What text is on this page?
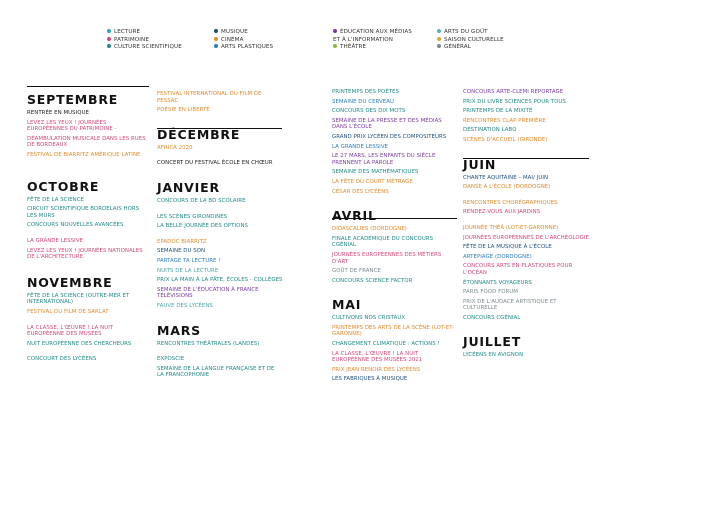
LECTURE
PATRIMOINE
CULTURE SCIENTIFIQUE
MUSIQUE
CINÉMA
ARTS PLASTIQUES
ÉDUCATION AUX MÉDIAS
ET À L'INFORMATION
THÉÂTRE
ARTS DU GOÛT
SAISON CULTURELLE
GÉNÉRAL
SEPTEMBRE
RENTRÉE EN MUSIQUE
LEVEZ LES YEUX ! JOURNÉES EUROPÉENNES DU PATRIMOINE -
DÉAMBULATION MUSICALE DANS LES RUES DE BORDEAUX
FESTIVAL DE BIARRITZ AMÉRIQUE LATINE
OCTOBRE
FÊTE DE LA SCIENCE
CIRCUIT SCIENTIFIQUE BORDELAIS HORS LES MURS
CONCOURS NOUVELLES AVANCÉES
LA GRANDE LESSIVE
LEVEZ LES YEUX ! JOURNÉES NATIONALES DE L'ARCHITECTURE
NOVEMBRE
FÊTE DE LA SCIENCE (OUTRE-MER ET INTERNATIONAL)
FESTIVAL DU FILM DE SARLAT
LA CLASSE, L'ŒUVRE ! LA NUIT EUROPÉENNE DES MUSÉES
NUIT EUROPÉENNE DES CHERCHEURS
CONCOURT DES LYCÉENS
FESTIVAL INTERNATIONAL DU FILM DE PESSAC
POÉSIE EN LIBERTÉ
DÉCEMBRE
AFRICA 2020
CONCERT DU FESTIVAL ÉCOLE EN CHŒUR
JANVIER
CONCOURS DE LA BD SCOLAIRE
LES SCÈNES GIRONDINES
LA BELLE JOURNÉE DES OPTIONS
EPADOC BIARRITZ
SEMAINE DU SON
PARTAGE TA LECTURE !
NUITS DE LA LECTURE
PRIX LA MAIN À LA PÂTE, ÉCOLES - COLLÈGES
SEMAINE DE L'ÉDUCATION À FRANCE TÉLÉVISIONS
FAUVE DES LYCÉENS
MARS
RENCONTRES THÉÂTRALES (LANDES)
EXPOSCIE
SEMAINE DE LA LANGUE FRANÇAISE ET DE LA FRANCOPHONIE
PRINTEMPS DES POÈTES
SEMAINE DU CERVEAU
CONCOURS DES DIX MOTS
SEMAINE DE LA PRESSE ET DES MÉDIAS DANS L'ÉCOLE
GRAND PRIX LYCÉEN DES COMPOSITEURS
LA GRANDE LESSIVE
LE 27 MARS, LES ENFANTS DU SIÈCLE PRENNENT LA PAROLE
SEMAINE DES MATHÉMATIQUES
LA FÊTE DU COURT MÉTRAGE
CÉSAR DES LYCÉENS
AVRIL
DIDASCALIES (DORDOGNE)
FINALE ACADÉMIQUE DU CONCOURS CGÉNIAL
JOURNÉES EUROPÉENNES DES MÉTIERS D'ART
GOÛT DE FRANCE
CONCOURS SCIENCE FACTOR
MAI
CULTIVONS NOS CRISTAUX
PRINTEMPS DES ARTS DE LA SCÈNE (LOT-ET-GARONNE)
CHANGEMENT CLIMATIQUE : ACTIONS !
LA CLASSE, L'ŒUVRE ! LA NUIT EUROPÉENNE DES MUSÉES 2021
PRIX JEAN RENOIR DES LYCÉENS
LES FABRIQUES À MUSIQUE
CONCOURS ARTE-CLEMI REPORTAGE
PRIX DU LIVRE SCIENCES POUR TOUS
PRINTEMPS DE LA MIXITÉ
RENCONTRES CLAP PREMIÈRE
DESTINATION LABO
SCÈNES D'ACCUEIL (GIRONDE)
JUIN
CHANTE AQUITAINE – MAI/ JUIN
DANSE À L'ÉCOLE (DORDOGNE)
RENCONTRES CHORÉGRAPHIQUES
RENDEZ-VOUS AUX JARDINS
JOURNÉE THÉÂ (LOT-ET-GARONNE)
JOURNÉES EUROPÉENNES DE L'ARCHÉOLOGIE
FÊTE DE LA MUSIQUE À L'ÉCOLE
ARTEPIAGE (DORDOGNE)
CONCOURS ARTS EN PLASTIQUES POUR L'OCÉAN
ÉTONNANTS VOYAGEURS
PARIS FOOD FORUM
PRIX DE L'AUDACE ARTISTIQUE ET CULTURELLE
CONCOURS CGÉNIAL
JUILLET
LYCÉENS EN AVIGNON
